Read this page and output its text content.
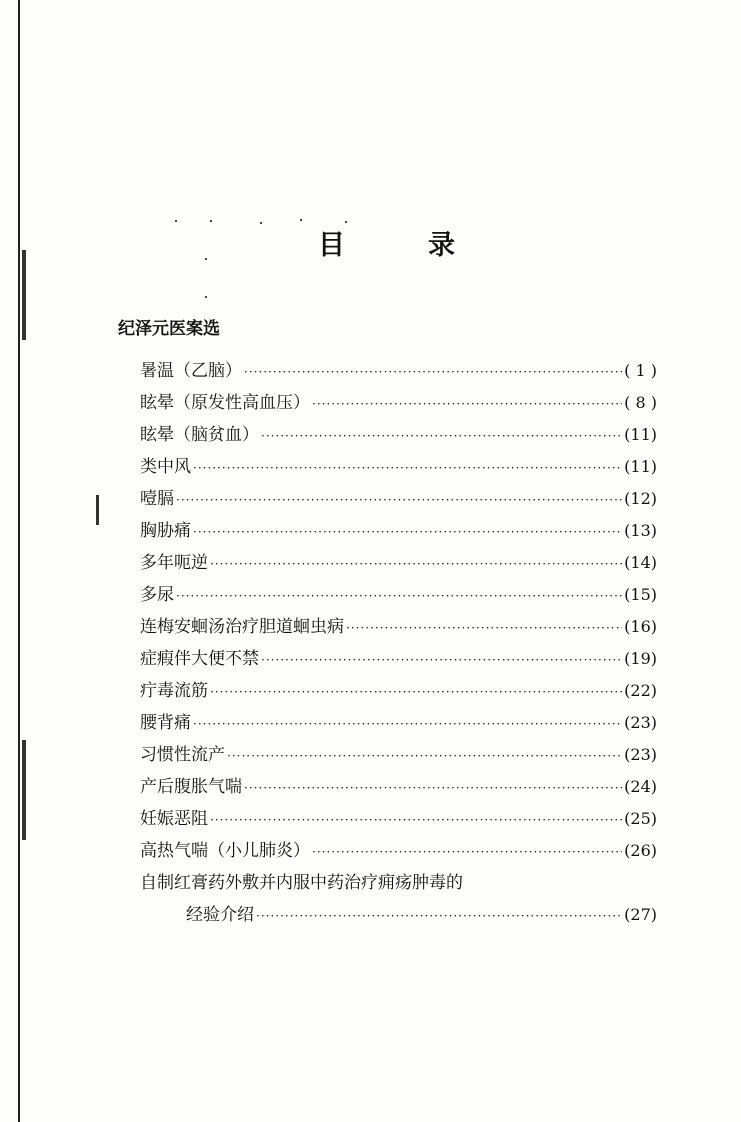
目	录
纪泽元医案选
暑温（乙脑） ·····	( 1 )
眩晕（原发性高血压） ·····	( 8 )
眩晕（脑贫血） ·····	(11)
类中风 ·····	(11)
噎膈 ·····	(12)
胸胁痛 ·····	(13)
多年呃逆 ·····	(14)
多尿 ·····	(15)
连梅安蛔汤治疗胆道蛔虫病 ·····	(16)
症瘕伴大便不禁 ·····	(19)
疔毒流筋 ·····	(22)
腰背痛 ·····	(23)
习惯性流产 ·····	(23)
产后腹胀气喘 ·····	(24)
妊娠恶阻 ·····	(25)
高热气喘（小儿肺炎） ·····	(26)
自制红膏药外敷并内服中药治疗痈疡肿毒的
经验介绍 ·····	(27)
